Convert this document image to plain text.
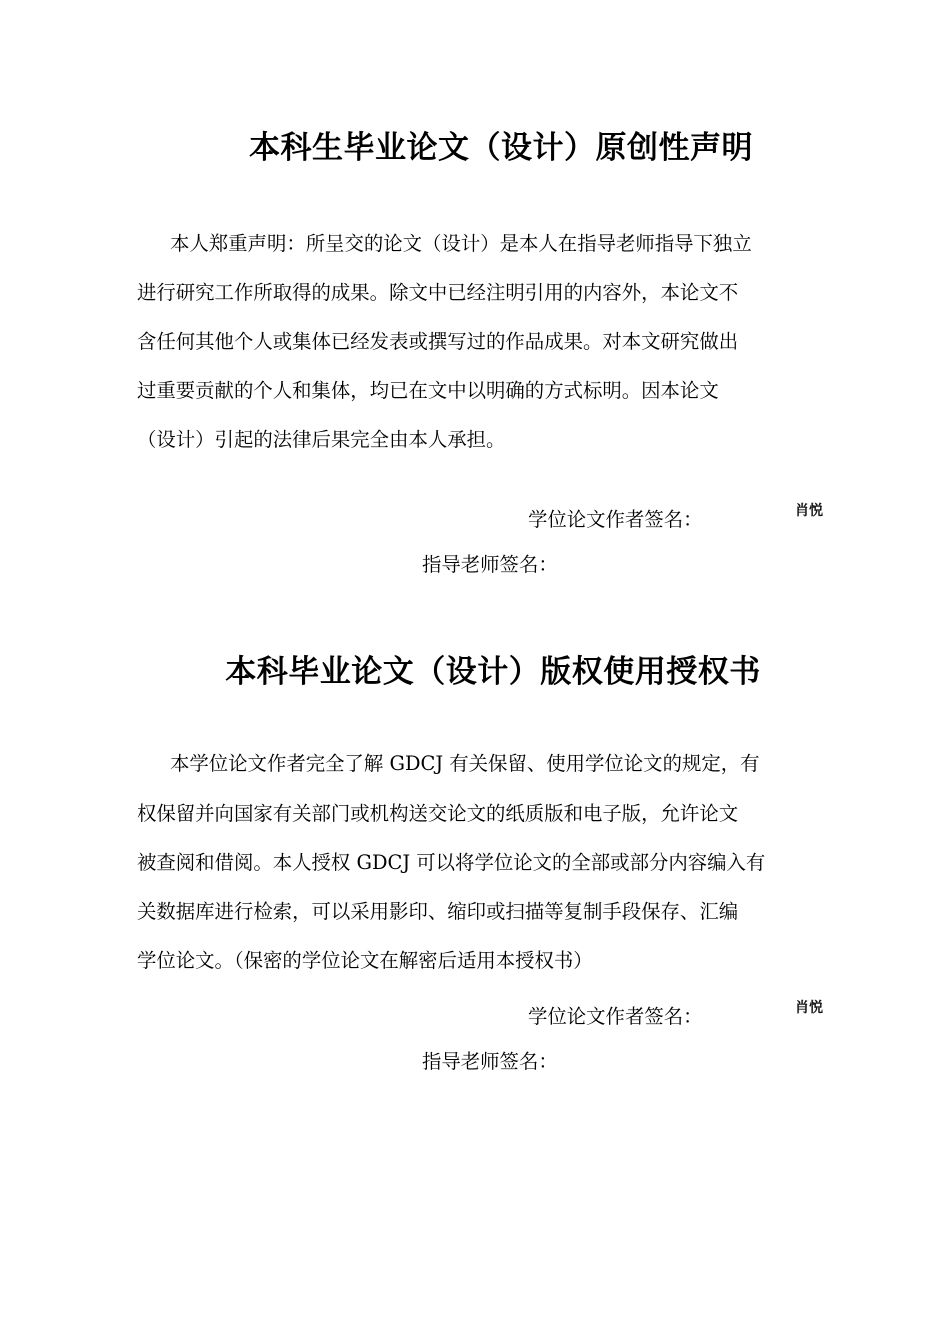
本科生毕业论文（设计）原创性声明

本人郑重声明：所呈交的论文（设计）是本人在指导老师指导下独立

进行研究工作所取得的成果。除文中已经注明引用的内容外，本论文不

含任何其他个人或集体已经发表或撰写过的作品成果。对本文研究做出

过重要贡献的个人和集体，均已在文中以明确的方式标明。因本论文

（设计）引起的法律后果完全由本人承担。

学位论文作者签名：	肖悦

指导老师签名：

本科毕业论文（设计）版权使用授权书

本学位论文作者完全了解 GDCJ 有关保留、使用学位论文的规定，有

权保留并向国家有关部门或机构送交论文的纸质版和电子版，允许论文

被查阅和借阅。本人授权 GDCJ 可以将学位论文的全部或部分内容编入有

关数据库进行检索，可以采用影印、缩印或扫描等复制手段保存、汇编

学位论文。（保密的学位论文在解密后适用本授权书）

学位论文作者签名：	肖悦

指导老师签名：
